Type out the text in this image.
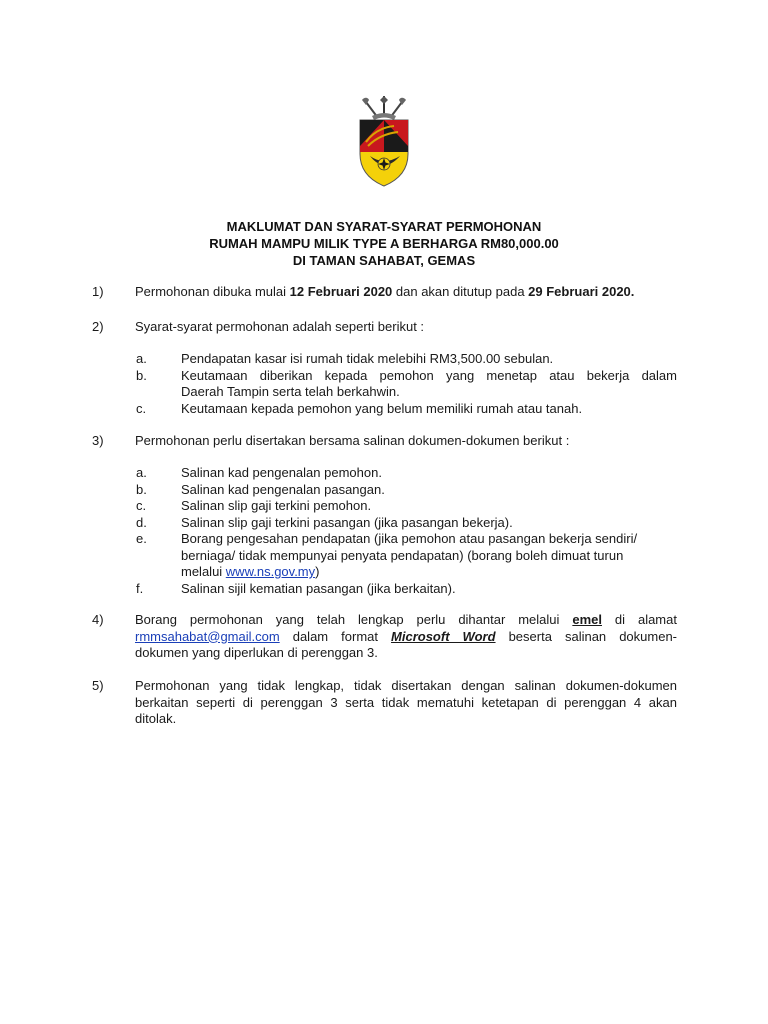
MAKLUMAT DAN SYARAT-SYARAT PERMOHONAN
RUMAH MAMPU MILIK TYPE A BERHARGA RM80,000.00
DI TAMAN SAHABAT, GEMAS
1)	Permohonan dibuka mulai 12 Februari 2020 dan akan ditutup pada 29 Februari 2020.
2)	Syarat-syarat permohonan adalah seperti berikut :
a.	Pendapatan kasar isi rumah tidak melebihi RM3,500.00 sebulan.
b.	Keutamaan diberikan kepada pemohon yang menetap atau bekerja dalam
Daerah Tampin serta telah berkahwin.
c.	Keutamaan kepada pemohon yang belum memiliki rumah atau tanah.
3)	Permohonan perlu disertakan bersama salinan dokumen-dokumen berikut :
a.	Salinan kad pengenalan pemohon.
b.	Salinan kad pengenalan pasangan.
c.	Salinan slip gaji terkini pemohon.
d.	Salinan slip gaji terkini pasangan (jika pasangan bekerja).
e.	Borang pengesahan pendapatan (jika pemohon atau pasangan bekerja sendiri/
berniaga/ tidak mempunyai penyata pendapatan) (borang boleh dimuat turun
melalui www.ns.gov.my)
f.	Salinan sijil kematian pasangan (jika berkaitan).
4)	Borang permohonan yang telah lengkap perlu dihantar melalui emel di alamat
rmmsahabat@gmail.com dalam format Microsoft Word beserta salinan dokumen-
dokumen yang diperlukan di perenggan 3.
5)	Permohonan yang tidak lengkap, tidak disertakan dengan salinan dokumen-dokumen
berkaitan seperti di perenggan 3 serta tidak mematuhi ketetapan di perenggan 4 akan
ditolak.
